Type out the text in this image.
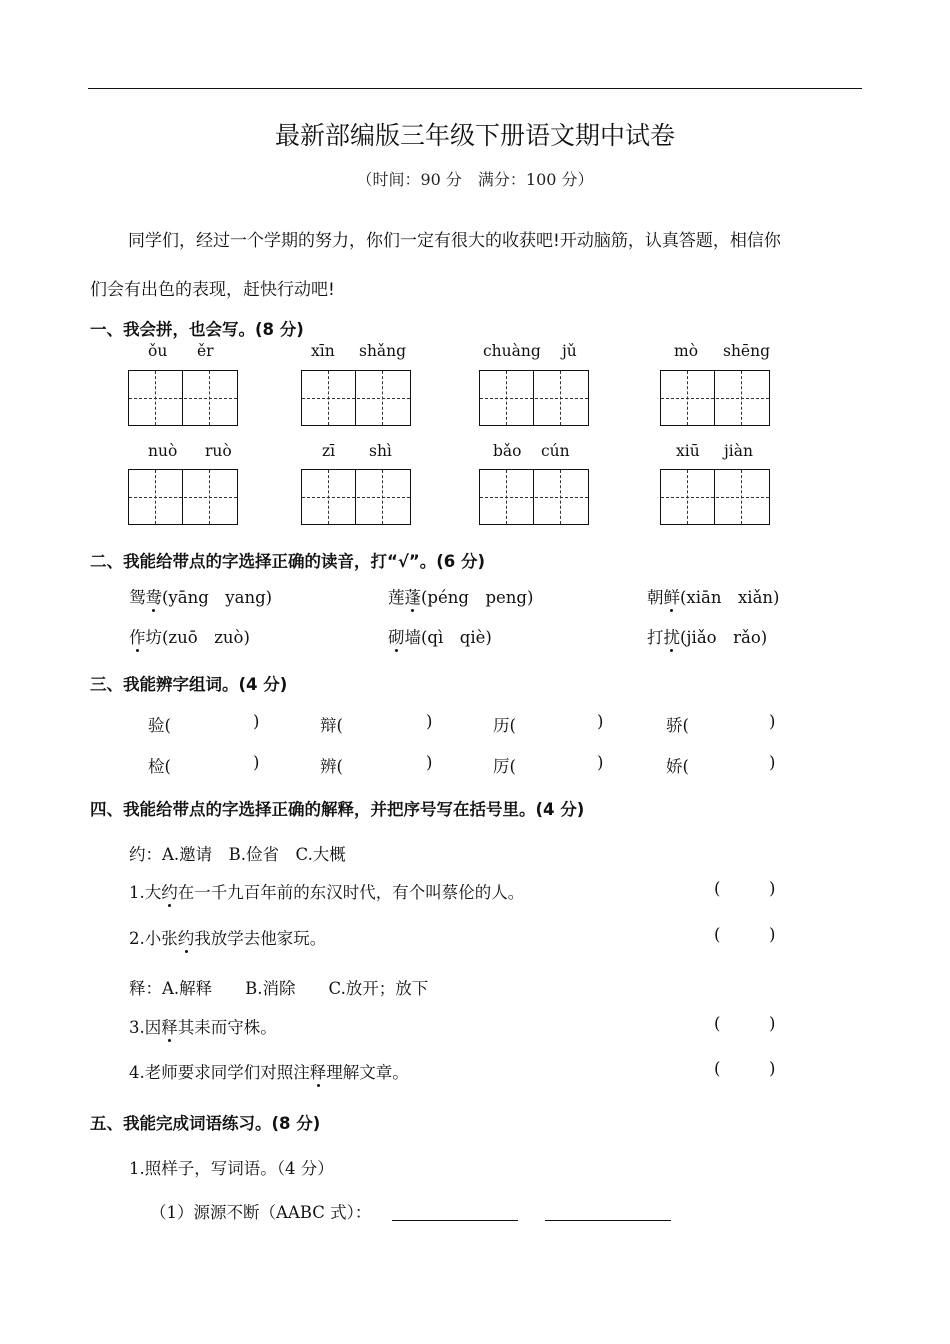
最新部编版三年级下册语文期中试卷
（时间：90 分　满分：100 分）
同学们，经过一个学期的努力，你们一定有很大的收获吧!开动脑筋，认真答题，相信你
们会有出色的表现，赶快行动吧!
一、我会拼，也会写。(8 分)
ǒu ěr	xīn shǎng	chuàng jǔ	mò shēng
nuò ruò	zī shì	bǎo cún	xiū jiàn
二、我能给带点的字选择正确的读音，打“√”。(6 分)
鸳鸯(yāng　yang)	莲蓬(péng　peng)	朝鲜(xiān　xiǎn)
作坊(zuō　zuò)	砌墙(qì　qiè)	打扰(jiǎo　rǎo)
三、我能辨字组词。(4 分)
验(	)	辩(	)	历(	)	骄(	)
检(	)	辨(	)	厉(	)	娇(	)
四、我能给带点的字选择正确的解释，并把序号写在括号里。(4 分)
约：A.邀请　B.俭省　C.大概
1.大约在一千九百年前的东汉时代，有个叫蔡伦的人。	(	)
2.小张约我放学去他家玩。	(	)
释：A.解释　　B.消除　　C.放开；放下
3.因释其耒而守株。	(	)
4.老师要求同学们对照注释理解文章。	(	)
五、我能完成词语练习。(8 分)
1.照样子，写词语。（4 分）
（1）源源不断（AABC 式）：
